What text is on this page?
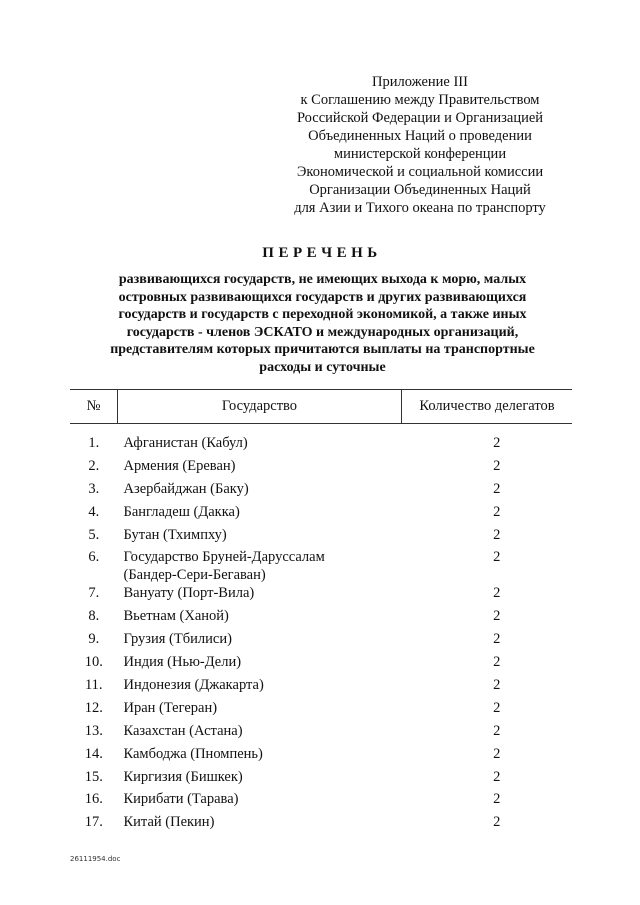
Приложение III
к Соглашению между Правительством
Российской Федерации и Организацией
Объединенных Наций о проведении
министерской конференции
Экономической и социальной комиссии
Организации Объединенных Наций
для Азии и Тихого океана по транспорту
ПЕРЕЧЕНЬ
развивающихся государств, не имеющих выхода к морю, малых
островных развивающихся государств и других развивающихся
государств и государств с переходной экономикой, а также иных
государств - членов ЭСКАТО и международных организаций,
представителям которых причитаются выплаты на транспортные
расходы и суточные
№	Государство	Количество делегатов

1.	Афганистан (Кабул)	2
2.	Армения (Ереван)	2
3.	Азербайджан (Баку)	2
4.	Бангладеш (Дакка)	2
5.	Бутан (Тхимпху)	2
6.	Государство Бруней-Даруссалам
(Бандер-Сери-Бегаван)	2
7.	Вануату (Порт-Вила)	2
8.	Вьетнам (Ханой)	2
9.	Грузия (Тбилиси)	2
10.	Индия (Нью-Дели)	2
11.	Индонезия (Джакарта)	2
12.	Иран (Тегеран)	2
13.	Казахстан (Астана)	2
14.	Камбоджа (Пномпень)	2
15.	Киргизия (Бишкек)	2
16.	Кирибати (Тарава)	2
17.	Китай (Пекин)	2
26111954.doc
